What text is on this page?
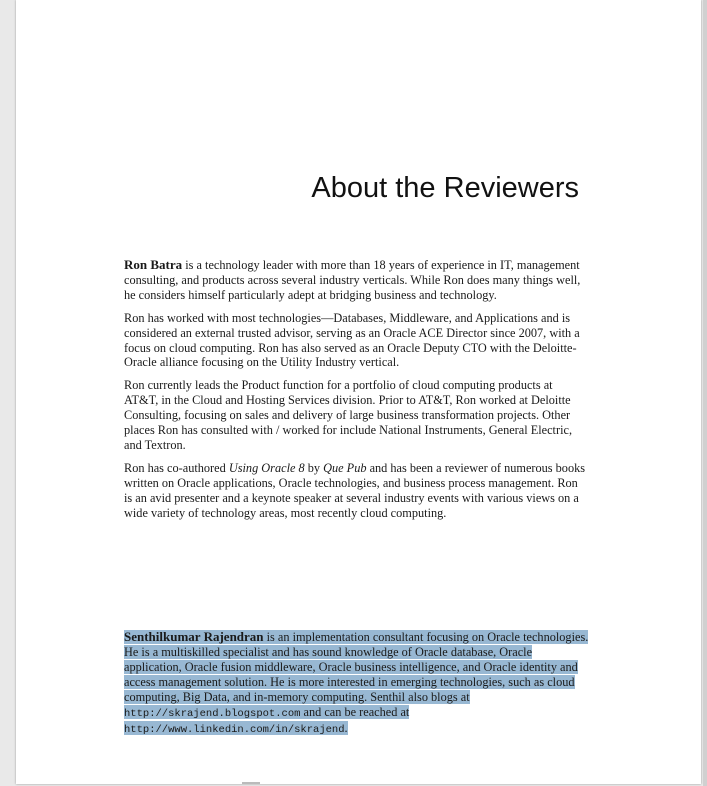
About the Reviewers

Ron Batra is a technology leader with more than 18 years of experience in IT, management consulting, and products across several industry verticals. While Ron does many things well, he considers himself particularly adept at bridging business and technology.

Ron has worked with most technologies—Databases, Middleware, and Applications and is considered an external trusted advisor, serving as an Oracle ACE Director since 2007, with a focus on cloud computing. Ron has also served as an Oracle Deputy CTO with the Deloitte-Oracle alliance focusing on the Utility Industry vertical.

Ron currently leads the Product function for a portfolio of cloud computing products at AT&T, in the Cloud and Hosting Services division. Prior to AT&T, Ron worked at Deloitte Consulting, focusing on sales and delivery of large business transformation projects. Other places Ron has consulted with / worked for include National Instruments, General Electric, and Textron.

Ron has co-authored Using Oracle 8 by Que Pub and has been a reviewer of numerous books written on Oracle applications, Oracle technologies, and business process management. Ron is an avid presenter and a keynote speaker at several industry events with various views on a wide variety of technology areas, most recently cloud computing.

Senthilkumar Rajendran is an implementation consultant focusing on Oracle technologies. He is a multiskilled specialist and has sound knowledge of Oracle database, Oracle application, Oracle fusion middleware, Oracle business intelligence, and Oracle identity and access management solution. He is more interested in emerging technologies, such as cloud computing, Big Data, and in-memory computing. Senthil also blogs at http://skrajend.blogspot.com and can be reached at http://www.linkedin.com/in/skrajend.
